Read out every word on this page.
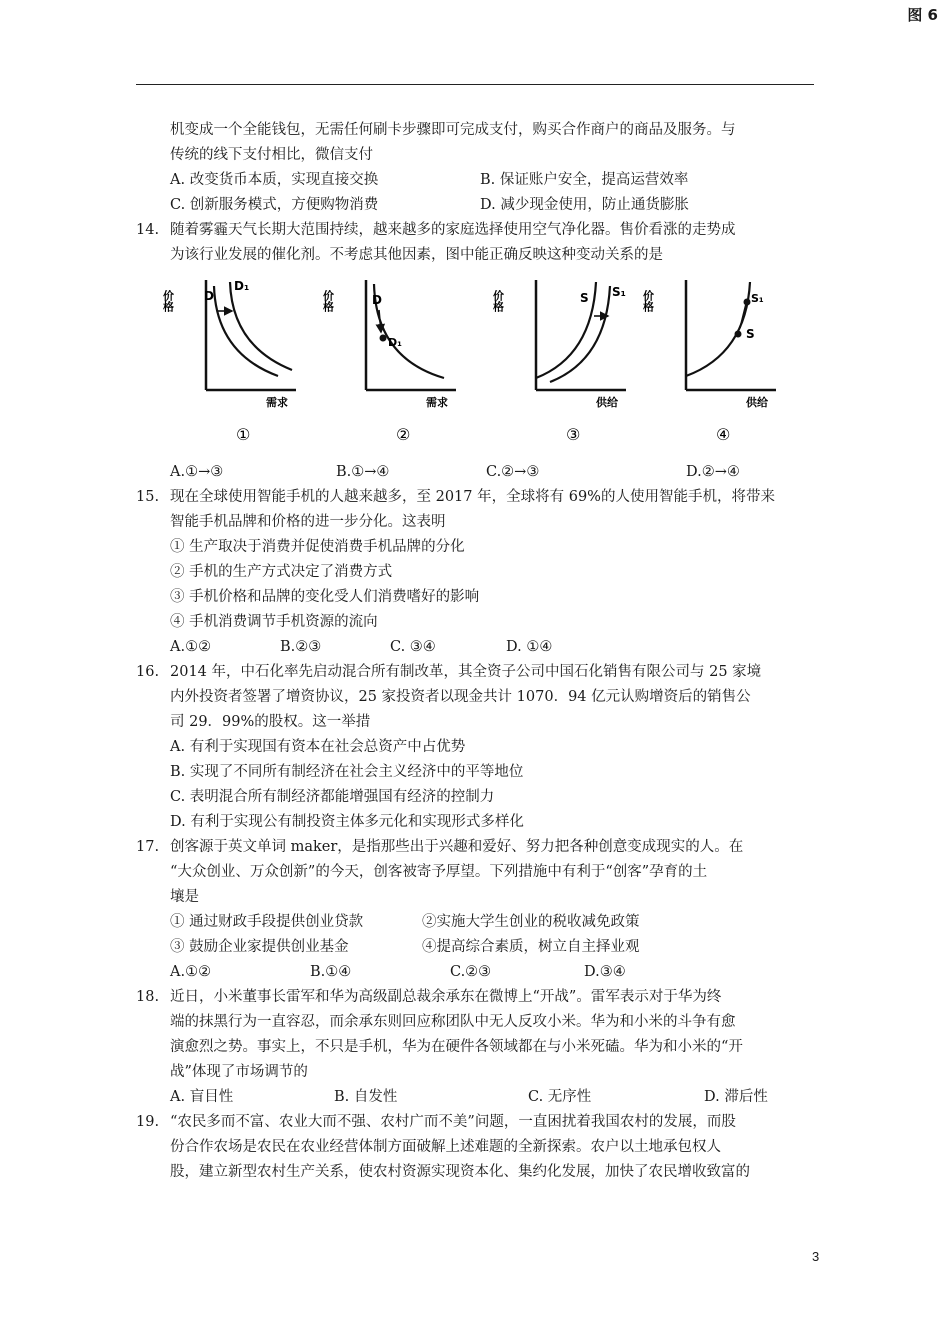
图 6
机变成一个全能钱包，无需任何刷卡步骤即可完成支付，购买合作商户的商品及服务。与
传统的线下支付相比，微信支付
A. 改变货币本质，实现直接交换	B. 保证账户安全，提高运营效率
C. 创新服务模式，方便购物消费	D. 减少现金使用，防止通货膨胀
14. 随着雾霾天气长期大范围持续，越来越多的家庭选择使用空气净化器。售价看涨的走势成
为该行业发展的催化剂。不考虑其他因素，图中能正确反映这种变动关系的是
价格 D
D₁
需求
①
价格	D
D₁
需求
②
价格	S S₁
供给
③
价格	S₁
S
供给
④
A.①→③	B.①→④	C.②→③	D.②→④
15. 现在全球使用智能手机的人越来越多，至 2017 年，全球将有 69%的人使用智能手机，将带来
智能手机品牌和价格的进一步分化。这表明
① 生产取决于消费并促使消费手机品牌的分化
② 手机的生产方式决定了消费方式
③ 手机价格和品牌的变化受人们消费嗜好的影响
④ 手机消费调节手机资源的流向
A.①②	B.②③	C. ③④	D. ①④
16. 2014 年，中石化率先启动混合所有制改革，其全资子公司中国石化销售有限公司与 25 家境
内外投资者签署了增资协议，25 家投资者以现金共计 1070．94 亿元认购增资后的销售公
司 29．99%的股权。这一举措
A. 有利于实现国有资本在社会总资产中占优势
B. 实现了不同所有制经济在社会主义经济中的平等地位
C. 表明混合所有制经济都能增强国有经济的控制力
D. 有利于实现公有制投资主体多元化和实现形式多样化
17. 创客源于英文单词 maker，是指那些出于兴趣和爱好、努力把各种创意变成现实的人。在
“大众创业、万众创新”的今天，创客被寄予厚望。下列措施中有利于“创客”孕育的土
壤是
① 通过财政手段提供创业贷款	②实施大学生创业的税收减免政策
③ 鼓励企业家提供创业基金	④提高综合素质，树立自主择业观
A.①②	B.①④	C.②③	D.③④
18. 近日，小米董事长雷军和华为高级副总裁余承东在微博上“开战”。雷军表示对于华为终
端的抹黑行为一直容忍，而余承东则回应称团队中无人反攻小米。华为和小米的斗争有愈
演愈烈之势。事实上，不只是手机，华为在硬件各领域都在与小米死磕。华为和小米的“开
战”体现了市场调节的
A. 盲目性	B. 自发性	C. 无序性	D. 滞后性
19. “农民多而不富、农业大而不强、农村广而不美”问题，一直困扰着我国农村的发展，而股
份合作农场是农民在农业经营体制方面破解上述难题的全新探索。农户以土地承包权人
股，建立新型农村生产关系，使农村资源实现资本化、集约化发展，加快了农民增收致富的
3
